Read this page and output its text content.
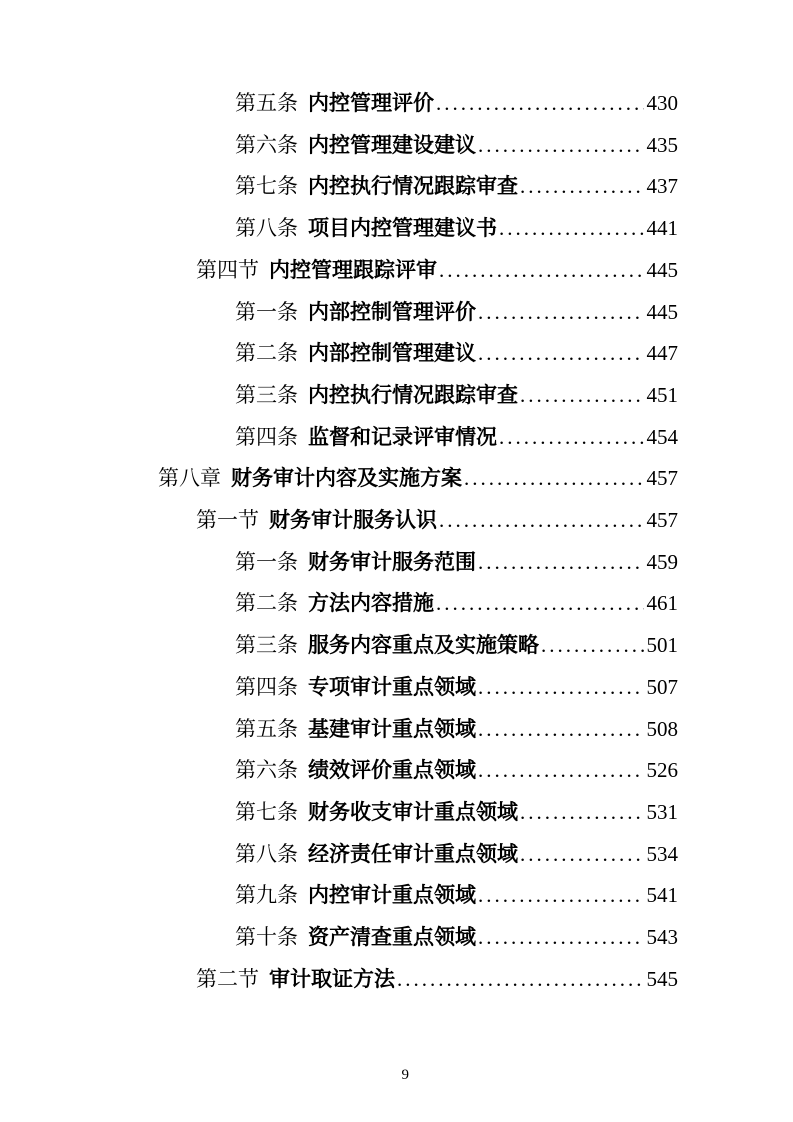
第五条 内控管理评价 .....	430
第六条 内控管理建设建议 .....	435
第七条 内控执行情况跟踪审查 .....	437
第八条 项目内控管理建议书 .....	441
第四节 内控管理跟踪评审 .....	445
第一条 内部控制管理评价 .....	445
第二条 内部控制管理建议 .....	447
第三条 内控执行情况跟踪审查 .....	451
第四条 监督和记录评审情况 .....	454
第八章 财务审计内容及实施方案 .....	457
第一节 财务审计服务认识 .....	457
第一条 财务审计服务范围 .....	459
第二条 方法内容措施 .....	461
第三条 服务内容重点及实施策略 .....	501
第四条 专项审计重点领域 .....	507
第五条 基建审计重点领域 .....	508
第六条 绩效评价重点领域 .....	526
第七条 财务收支审计重点领域 .....	531
第八条 经济责任审计重点领域 .....	534
第九条 内控审计重点领域 .....	541
第十条 资产清查重点领域 .....	543
第二节 审计取证方法 .....	545
9
